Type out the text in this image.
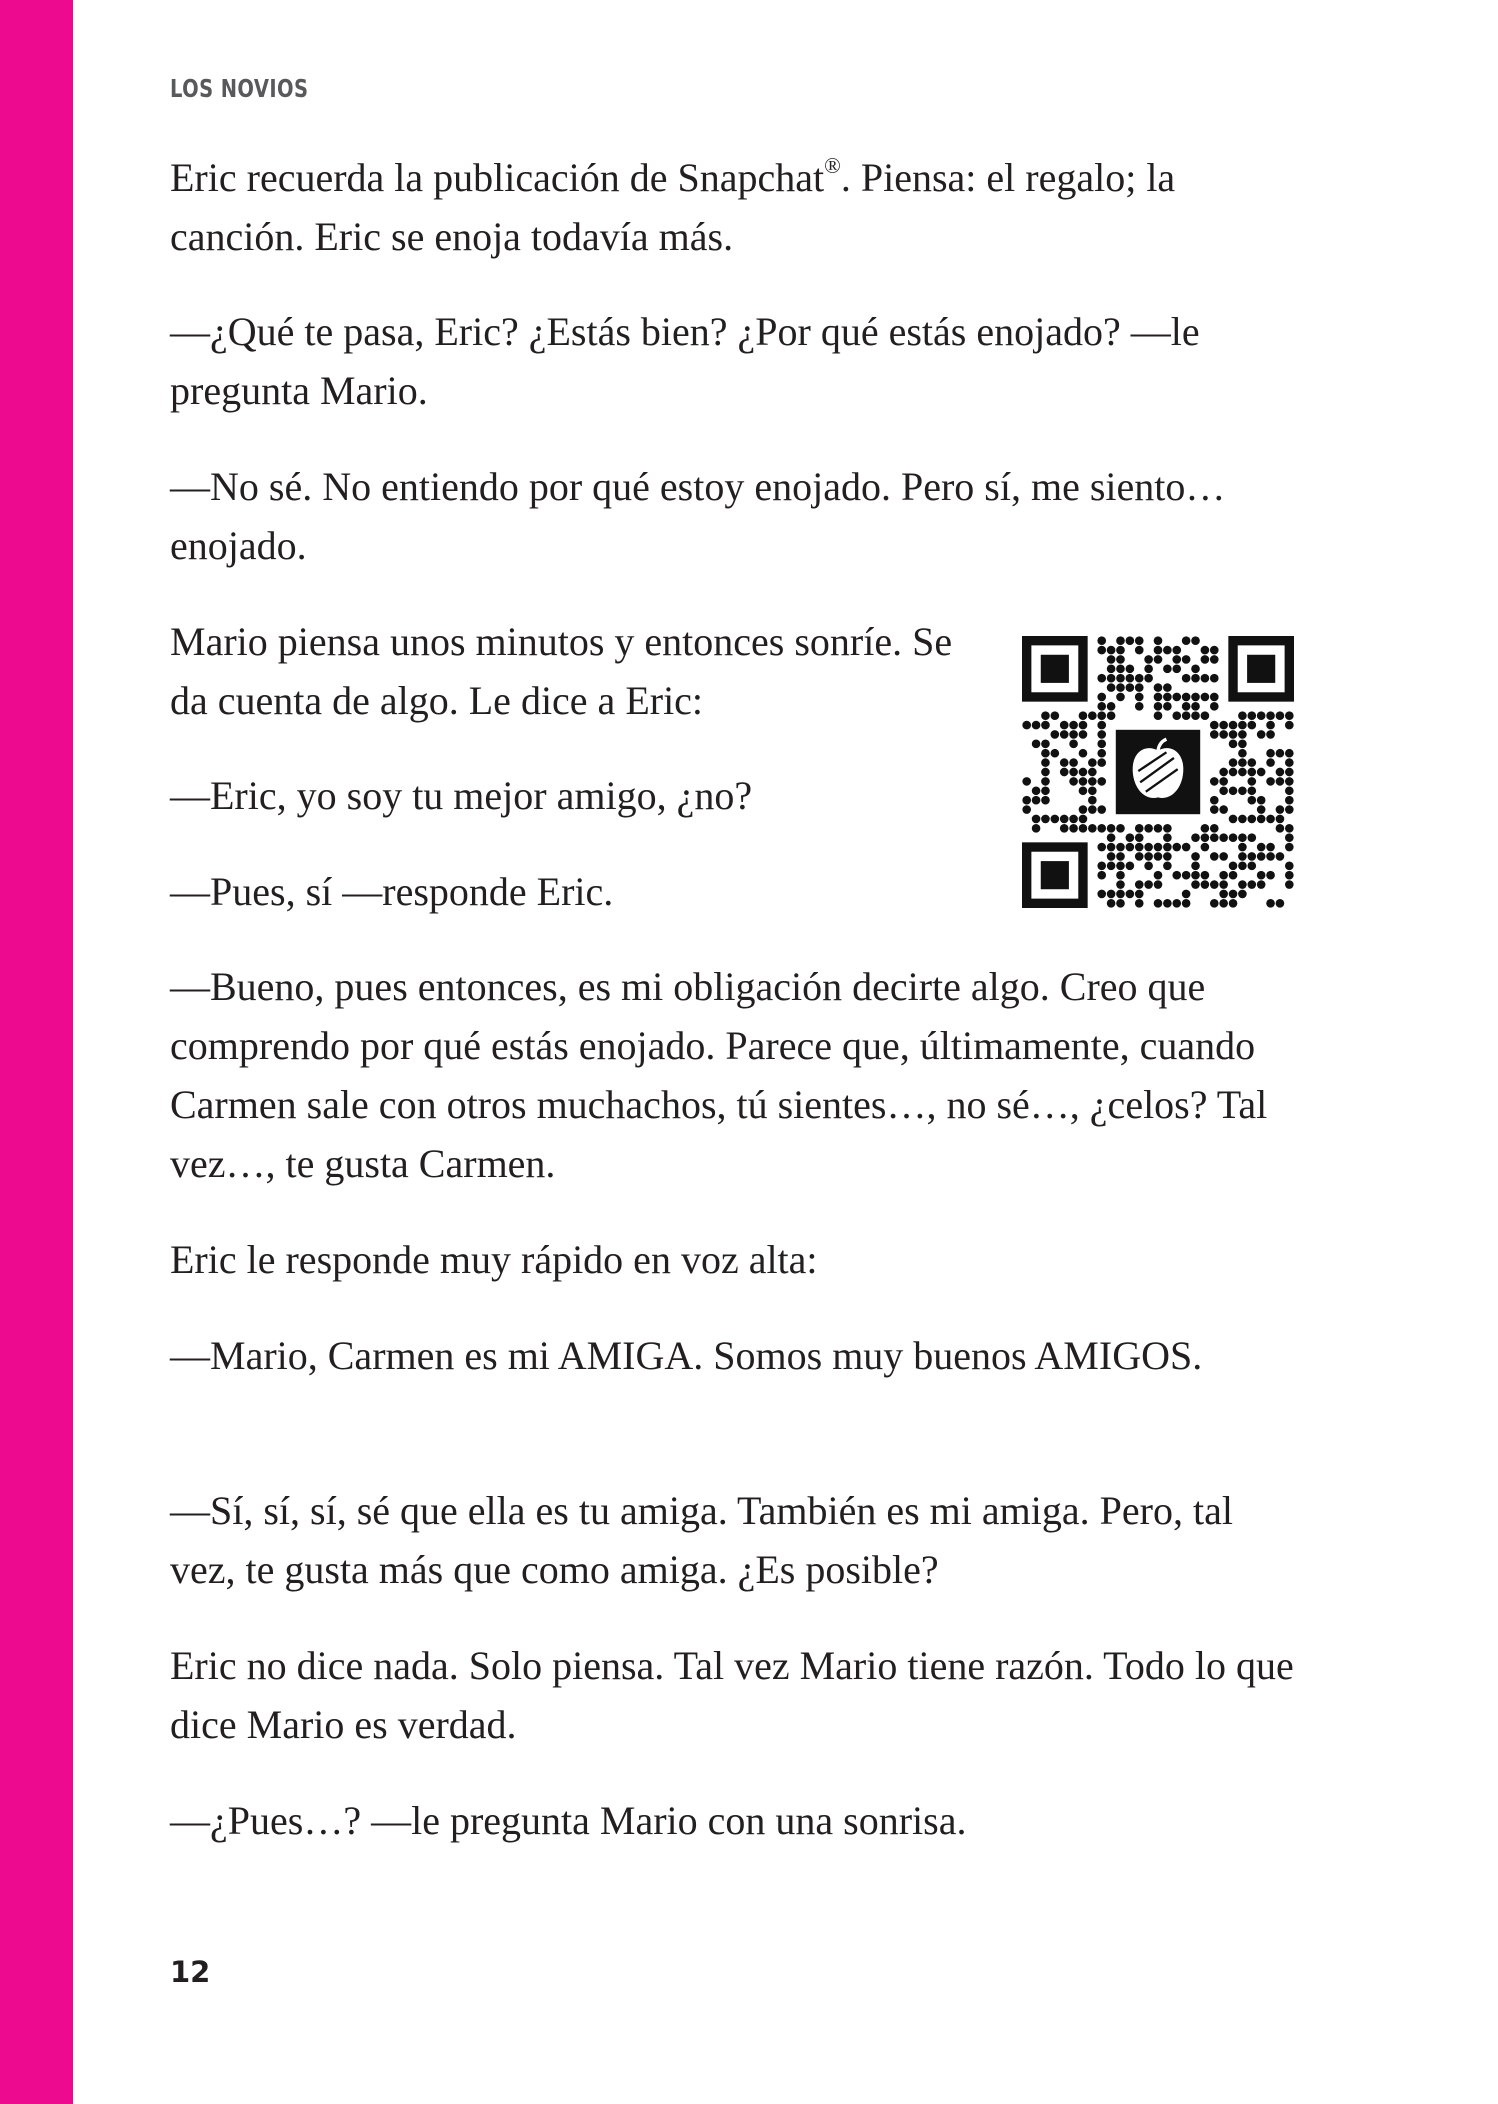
LOS NOVIOS

Eric recuerda la publicación de Snapchat®. Piensa: el regalo; la canción. Eric se enoja todavía más.

—¿Qué te pasa, Eric? ¿Estás bien? ¿Por qué estás enojado? —le pregunta Mario.

—No sé. No entiendo por qué estoy enojado. Pero sí, me siento… enojado.

Mario piensa unos minutos y entonces sonríe. Se da cuenta de algo. Le dice a Eric:

—Eric, yo soy tu mejor amigo, ¿no?

—Pues, sí —responde Eric.

—Bueno, pues entonces, es mi obligación decirte algo. Creo que comprendo por qué estás enojado. Parece que, últimamente, cuando Carmen sale con otros muchachos, tú sientes…, no sé…, ¿celos? Tal vez…, te gusta Carmen.

Eric le responde muy rápido en voz alta:

—Mario, Carmen es mi AMIGA. Somos muy buenos AMIGOS.

—Sí, sí, sí, sé que ella es tu amiga. También es mi amiga. Pero, tal vez, te gusta más que como amiga. ¿Es posible?

Eric no dice nada. Solo piensa. Tal vez Mario tiene razón. Todo lo que dice Mario es verdad.

—¿Pues…? —le pregunta Mario con una sonrisa.

12
